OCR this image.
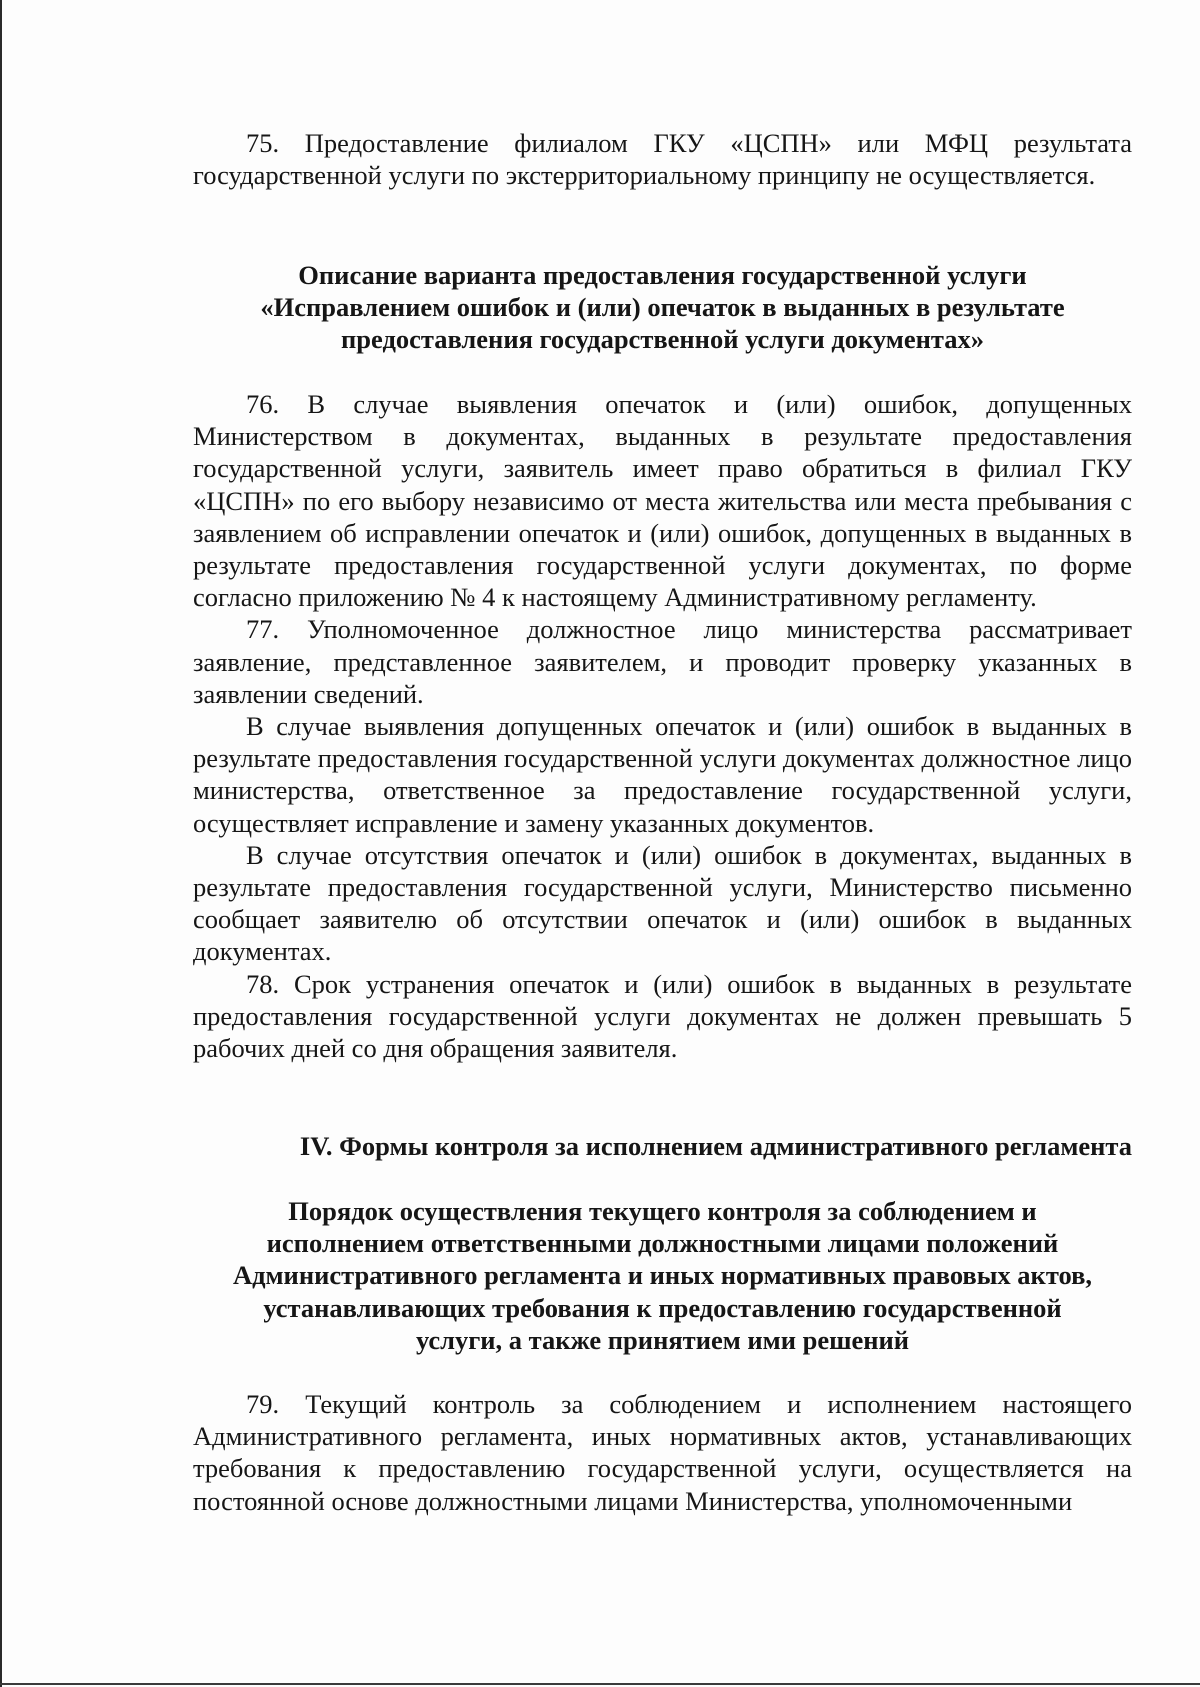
75. Предоставление филиалом ГКУ «ЦСПН» или МФЦ результата государственной услуги по экстерриториальному принципу не осуществляется.

Описание варианта предоставления государственной услуги
«Исправлением ошибок и (или) опечаток в выданных в результате
предоставления государственной услуги документах»

76. В случае выявления опечаток и (или) ошибок, допущенных Министерством в документах, выданных в результате предоставления государственной услуги, заявитель имеет право обратиться в филиал ГКУ «ЦСПН» по его выбору независимо от места жительства или места пребывания с заявлением об исправлении опечаток и (или) ошибок, допущенных в выданных в результате предоставления государственной услуги документах, по форме согласно приложению № 4 к настоящему Административному регламенту.

77. Уполномоченное должностное лицо министерства рассматривает заявление, представленное заявителем, и проводит проверку указанных в заявлении сведений.

В случае выявления допущенных опечаток и (или) ошибок в выданных в результате предоставления государственной услуги документах должностное лицо министерства, ответственное за предоставление государственной услуги, осуществляет исправление и замену указанных документов.

В случае отсутствия опечаток и (или) ошибок в документах, выданных в результате предоставления государственной услуги, Министерство письменно сообщает заявителю об отсутствии опечаток и (или) ошибок в выданных документах.

78. Срок устранения опечаток и (или) ошибок в выданных в результате предоставления государственной услуги документах не должен превышать 5 рабочих дней со дня обращения заявителя.

IV. Формы контроля за исполнением административного регламента
Порядок осуществления текущего контроля за соблюдением и
исполнением ответственными должностными лицами положений
Административного регламента и иных нормативных правовых актов,
устанавливающих требования к предоставлению государственной
услуги, а также принятием ими решений

79. Текущий контроль за соблюдением и исполнением настоящего Административного регламента, иных нормативных актов, устанавливающих требования к предоставлению государственной услуги, осуществляется на постоянной основе должностными лицами Министерства, уполномоченными
